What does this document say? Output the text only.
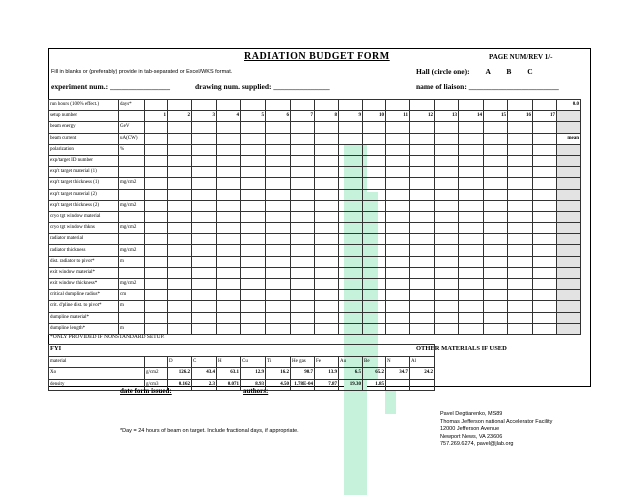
RADIATION BUDGET FORM	PAGE NUM/REV 1/-
Fill in blanks or (preferably) provide in tab-separated or Excel/WKS format.	Hall (circle one): A B C
experiment num.: ________________	drawing num. supplied: _______________	name of liaison: ________________________
run hours (100% effect.)	days*																		0.0
setup number		1	2	3	4	5	6	7	8	9	10	11	12	13	14	15	16	17	
beam energy	GeV																		
beam current	uA(CW)																		mean
polarization	%																		
exp/target ID number																			
exp't target material (1)																			
exp't target thickness (1)	mg/cm2																		
exp't target material (2)																			
exp't target thickness (2)	mg/cm2																		
cryo tgt window material																			
cryo tgt window thkns	mg/cm2																		
radiator material																			
radiator thickness	mg/cm2																		
dist. radiator to pivot*	m																		
exit window material*																			
exit window thickness*	mg/cm2																		
critical dumpline radius*	cm																		
crit. d'pline dist. to pivot*	m																		
dumpline material*																			
dumpline length*	m																		
*ONLY PROVIDED IF NONSTANDARD SETUP.
FYI	OTHER MATERIALS IF USED

material		D	C	H	Cu	Ti	He gas	Fe	Au	Be	N	Al
Xo	g/cm2	126.2	43.4	63.1	12.9	16.2	90.7	13.9	6.5	65.2	34.7	24.2
density	g/cm3	0.162	2.3	0.071	8.93	4.50	1.78E-04	7.87	19.30	1.85		
date form issued:	authors:
*Day = 24 hours of beam on target. Include fractional days, if appropriate.
Pavel Degtiarenko, MS89
Thomas Jefferson national Accelerator Facility
12000 Jefferson Avenue
Newport News, VA 23606
757.269.6274, pavel@jlab.org
